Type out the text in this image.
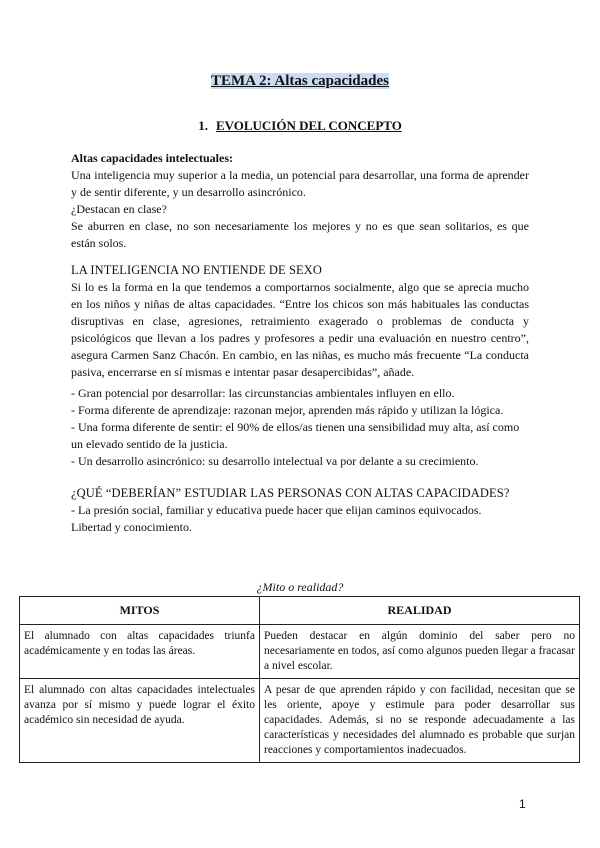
TEMA 2: Altas capacidades
1. EVOLUCIÓN DEL CONCEPTO
Altas capacidades intelectuales:
Una inteligencia muy superior a la media, un potencial para desarrollar, una forma de aprender y de sentir diferente, y un desarrollo asincrónico.
¿Destacan en clase?
Se aburren en clase, no son necesariamente los mejores y no es que sean solitarios, es que están solos.
LA INTELIGENCIA NO ENTIENDE DE SEXO
Si lo es la forma en la que tendemos a comportarnos socialmente, algo que se aprecia mucho en los niños y niñas de altas capacidades. “Entre los chicos son más habituales las conductas disruptivas en clase, agresiones, retraimiento exagerado o problemas de conducta y psicológicos que llevan a los padres y profesores a pedir una evaluación en nuestro centro”, asegura Carmen Sanz Chacón. En cambio, en las niñas, es mucho más frecuente “La conducta pasiva, encerrarse en sí mismas e intentar pasar desapercibidas”, añade.
- Gran potencial por desarrollar: las circunstancias ambientales influyen en ello.
- Forma diferente de aprendizaje: razonan mejor, aprenden más rápido y utilizan la lógica.
- Una forma diferente de sentir: el 90% de ellos/as tienen una sensibilidad muy alta, así como un elevado sentido de la justicia.
- Un desarrollo asincrónico: su desarrollo intelectual va por delante a su crecimiento.
¿QUÉ “DEBERÍAN” ESTUDIAR LAS PERSONAS CON ALTAS CAPACIDADES?
- La presión social, familiar y educativa puede hacer que elijan caminos equivocados.
Libertad y conocimiento.
¿Mito o realidad?
MITOS	REALIDAD
El alumnado con altas capacidades triunfa académicamente y en todas las áreas.	Pueden destacar en algún dominio del saber pero no necesariamente en todos, así como algunos pueden llegar a fracasar a nivel escolar.
El alumnado con altas capacidades intelectuales avanza por sí mismo y puede lograr el éxito académico sin necesidad de ayuda.	A pesar de que aprenden rápido y con facilidad, necesitan que se les oriente, apoye y estimule para poder desarrollar sus capacidades. Además, si no se responde adecuadamente a las características y necesidades del alumnado es probable que surjan reacciones y comportamientos inadecuados.
1
